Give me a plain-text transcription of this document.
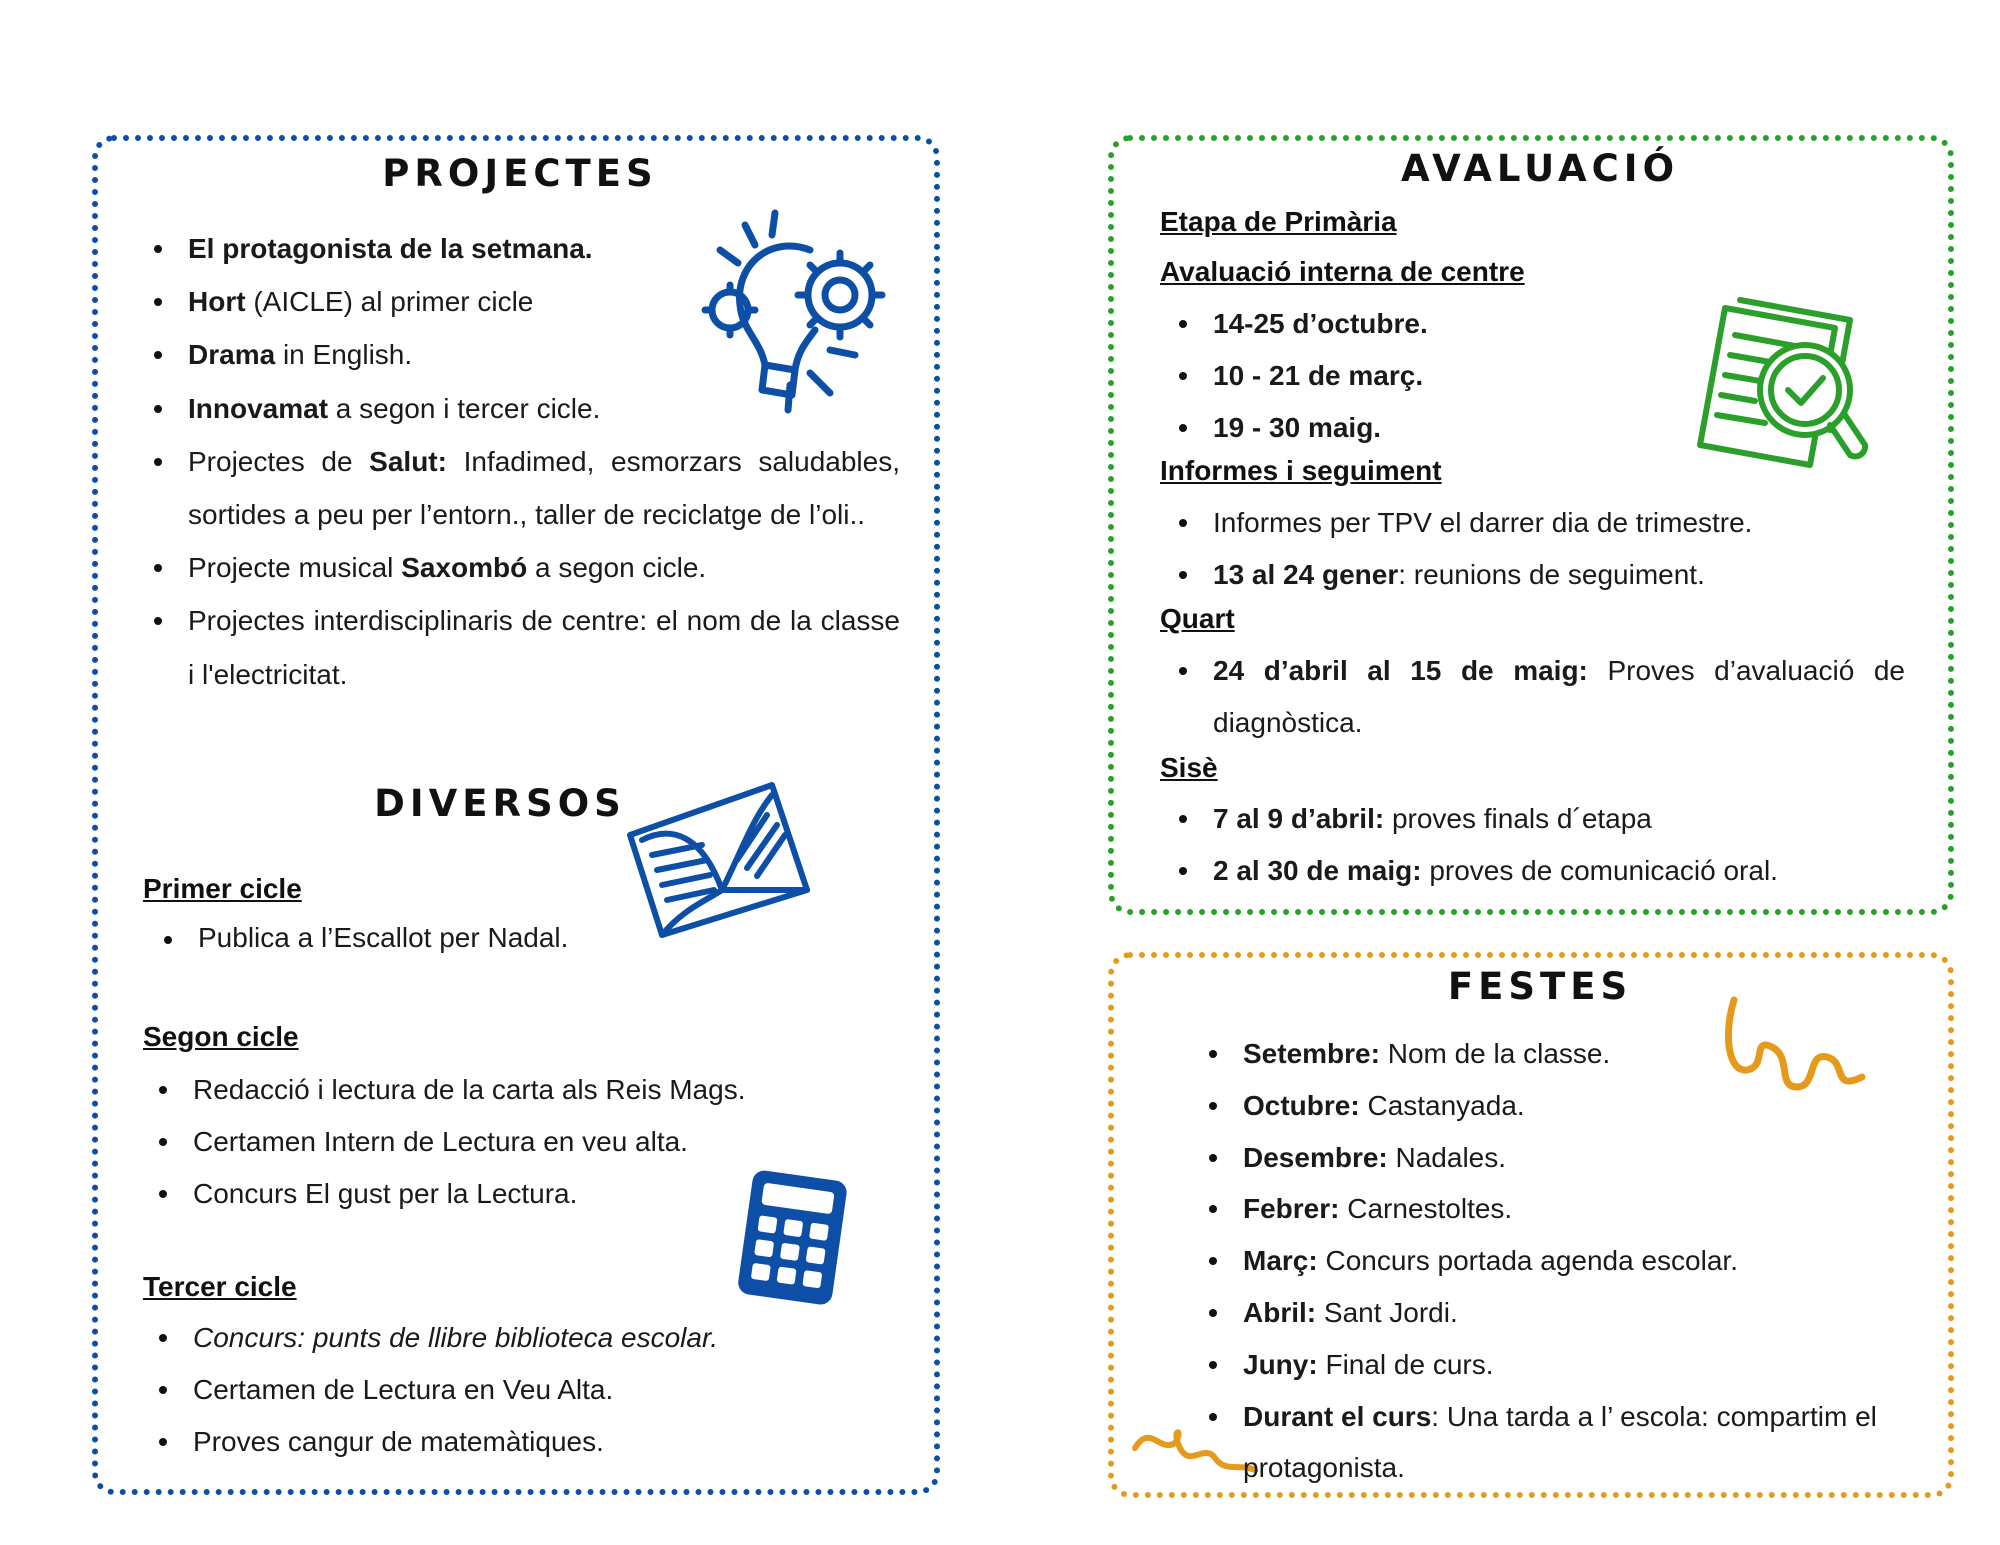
PROJECTES
El protagonista de la setmana.
Hort (AICLE) al primer cicle
Drama in English.
Innovamat a segon i tercer cicle.
Projectes de Salut: Infadimed, esmorzars saludables, sortides a peu per l’entorn., taller de reciclatge de l’oli..
Projecte musical Saxombó a segon cicle.
Projectes interdisciplinaris de centre: el nom de la classe i l'electricitat.
DIVERSOS
Primer cicle
Publica a l’Escallot per Nadal.
Segon cicle
Redacció i lectura de la carta als Reis Mags.
Certamen Intern de Lectura en veu alta.
Concurs El gust per la Lectura.
Tercer cicle
Concurs: punts de llibre biblioteca escolar.
Certamen de Lectura en Veu Alta.
Proves cangur de matemàtiques.
AVALUACIÓ
Etapa de Primària
Avaluació interna de centre
14-25 d’octubre.
10 - 21 de març.
19 - 30 maig.
Informes i seguiment
Informes per TPV el darrer dia de trimestre.
13 al 24 gener: reunions de seguiment.
Quart
24 d’abril al 15 de maig: Proves d’avaluació de diagnòstica.
Sisè
7 al 9 d’abril: proves finals d´etapa
2 al 30 de maig: proves de comunicació oral.
FESTES
Setembre: Nom de la classe.
Octubre: Castanyada.
Desembre: Nadales.
Febrer: Carnestoltes.
Març: Concurs portada agenda escolar.
Abril: Sant Jordi.
Juny: Final de curs.
Durant el curs: Una tarda a l’ escola: compartim el protagonista.
